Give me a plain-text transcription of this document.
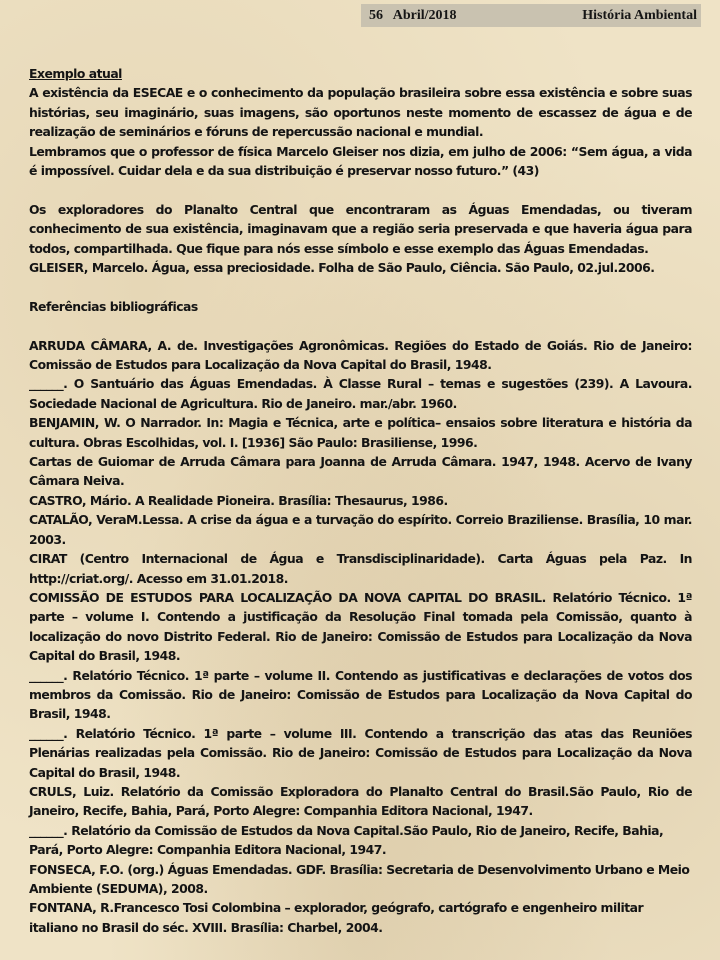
56 Abril/2018	História Ambiental

Exemplo atual

A existência da ESECAE e o conhecimento da população brasileira sobre essa existência e sobre suas histórias, seu imaginário, suas imagens, são oportunos neste momento de escassez de água e de realização de seminários e fóruns de repercussão nacional e mundial.

Lembramos que o professor de física Marcelo Gleiser nos dizia, em julho de 2006: “Sem água, a vida é impossível. Cuidar dela e da sua distribuição é preservar nosso futuro.” (43)

Os exploradores do Planalto Central que encontraram as Águas Emendadas, ou tiveram conhecimento de sua existência, imaginavam que a região seria preservada e que haveria água para todos, compartilhada. Que fique para nós esse símbolo e esse exemplo das Águas Emendadas.

GLEISER, Marcelo. Água, essa preciosidade. Folha de São Paulo, Ciência. São Paulo, 02.jul.2006.

Referências bibliográficas

ARRUDA CÂMARA, A. de. Investigações Agronômicas. Regiões do Estado de Goiás. Rio de Janeiro: Comissão de Estudos para Localização da Nova Capital do Brasil, 1948.

______. O Santuário das Águas Emendadas. À Classe Rural – temas e sugestões (239). A Lavoura. Sociedade Nacional de Agricultura. Rio de Janeiro. mar./abr. 1960.

BENJAMIN, W. O Narrador. In: Magia e Técnica, arte e política– ensaios sobre literatura e história da cultura. Obras Escolhidas, vol. I. [1936] São Paulo: Brasiliense, 1996.

Cartas de Guiomar de Arruda Câmara para Joanna de Arruda Câmara. 1947, 1948. Acervo de Ivany Câmara Neiva.

CASTRO, Mário. A Realidade Pioneira. Brasília: Thesaurus, 1986.

CATALÃO, VeraM.Lessa. A crise da água e a turvação do espírito. Correio Braziliense. Brasília, 10 mar. 2003.

CIRAT (Centro Internacional de Água e Transdisciplinaridade). Carta Águas pela Paz. In http://criat.org/. Acesso em 31.01.2018.

COMISSÃO DE ESTUDOS PARA LOCALIZAÇÃO DA NOVA CAPITAL DO BRASIL. Relatório Técnico. 1ª parte – volume I. Contendo a justificação da Resolução Final tomada pela Comissão, quanto à localização do novo Distrito Federal. Rio de Janeiro: Comissão de Estudos para Localização da Nova Capital do Brasil, 1948.

______. Relatório Técnico. 1ª parte – volume II. Contendo as justificativas e declarações de votos dos membros da Comissão. Rio de Janeiro: Comissão de Estudos para Localização da Nova Capital do Brasil, 1948.

______. Relatório Técnico. 1ª parte – volume III. Contendo a transcrição das atas das Reuniões Plenárias realizadas pela Comissão. Rio de Janeiro: Comissão de Estudos para Localização da Nova Capital do Brasil, 1948.

CRULS, Luiz. Relatório da Comissão Exploradora do Planalto Central do Brasil.São Paulo, Rio de Janeiro, Recife, Bahia, Pará, Porto Alegre: Companhia Editora Nacional, 1947.

______. Relatório da Comissão de Estudos da Nova Capital.São Paulo, Rio de Janeiro, Recife, Bahia, Pará, Porto Alegre: Companhia Editora Nacional, 1947.

FONSECA, F.O. (org.) Águas Emendadas. GDF. Brasília: Secretaria de Desenvolvimento Urbano e Meio Ambiente (SEDUMA), 2008.

FONTANA, R.Francesco Tosi Colombina – explorador, geógrafo, cartógrafo e engenheiro militar italiano no Brasil do séc. XVIII. Brasília: Charbel, 2004.
